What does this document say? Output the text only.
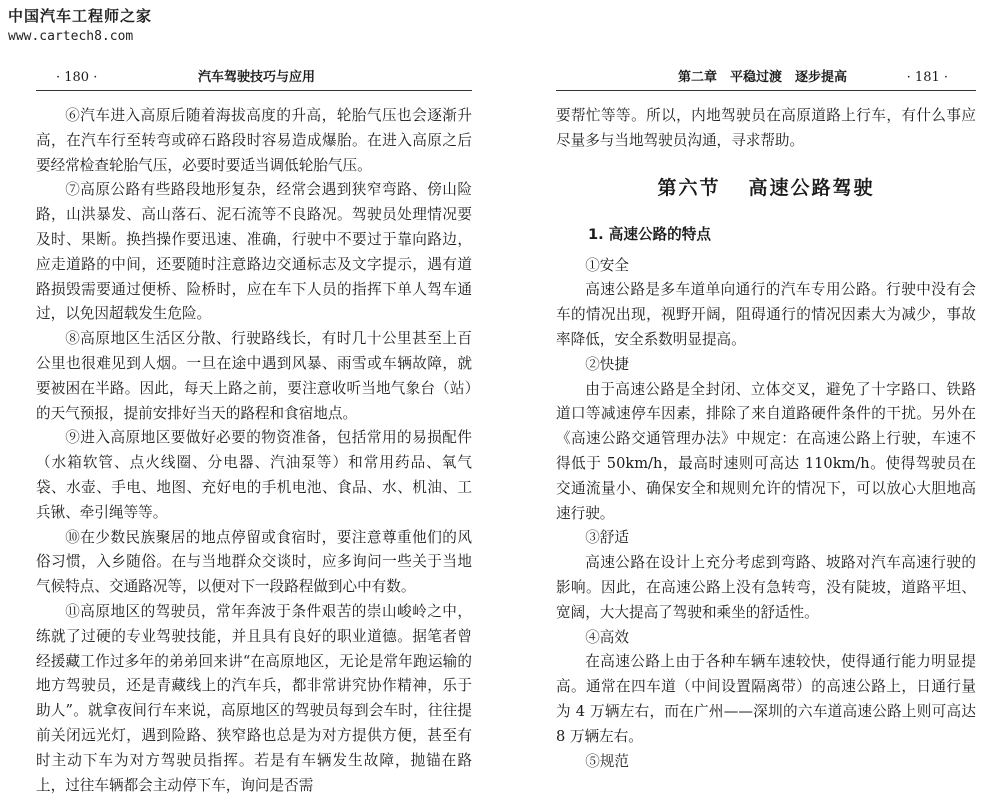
中国汽车工程师之家
www.cartech8.com
· 180 ·	汽车驾驶技巧与应用

⑥汽车进入高原后随着海拔高度的升高，轮胎气压也会逐渐升高，在汽车行至转弯或碎石路段时容易造成爆胎。在进入高原之后要经常检查轮胎气压，必要时要适当调低轮胎气压。

⑦高原公路有些路段地形复杂，经常会遇到狭窄弯路、傍山险路，山洪暴发、高山落石、泥石流等不良路况。驾驶员处理情况要及时、果断。换挡操作要迅速、准确，行驶中不要过于靠向路边，应走道路的中间，还要随时注意路边交通标志及文字提示，遇有道路损毁需要通过便桥、险桥时，应在车下人员的指挥下单人驾车通过，以免因超载发生危险。

⑧高原地区生活区分散、行驶路线长，有时几十公里甚至上百公里也很难见到人烟。一旦在途中遇到风暴、雨雪或车辆故障，就要被困在半路。因此，每天上路之前，要注意收听当地气象台（站）的天气预报，提前安排好当天的路程和食宿地点。

⑨进入高原地区要做好必要的物资准备，包括常用的易损配件（水箱软管、点火线圈、分电器、汽油泵等）和常用药品、氧气袋、水壶、手电、地图、充好电的手机电池、食品、水、机油、工兵锹、牵引绳等等。

⑩在少数民族聚居的地点停留或食宿时，要注意尊重他们的风俗习惯，入乡随俗。在与当地群众交谈时，应多询问一些关于当地气候特点、交通路况等，以便对下一段路程做到心中有数。

⑪高原地区的驾驶员，常年奔波于条件艰苦的崇山峻岭之中，练就了过硬的专业驾驶技能，并且具有良好的职业道德。据笔者曾经援藏工作过多年的弟弟回来讲“在高原地区，无论是常年跑运输的地方驾驶员，还是青藏线上的汽车兵，都非常讲究协作精神，乐于助人”。就拿夜间行车来说，高原地区的驾驶员每到会车时，往往提前关闭远光灯，遇到险路、狭窄路也总是为对方提供方便，甚至有时主动下车为对方驾驶员指挥。若是有车辆发生故障，抛锚在路上，过往车辆都会主动停下车，询问是否需

第二章　平稳过渡　逐步提高	· 181 ·

要帮忙等等。所以，内地驾驶员在高原道路上行车，有什么事应尽量多与当地驾驶员沟通，寻求帮助。

第六节 高速公路驾驶
1. 高速公路的特点

①安全

高速公路是多车道单向通行的汽车专用公路。行驶中没有会车的情况出现，视野开阔，阻碍通行的情况因素大为减少，事故率降低，安全系数明显提高。

②快捷

由于高速公路是全封闭、立体交叉，避免了十字路口、铁路道口等减速停车因素，排除了来自道路硬件条件的干扰。另外在《高速公路交通管理办法》中规定：在高速公路上行驶，车速不得低于 50km/h，最高时速则可高达 110km/h。使得驾驶员在交通流量小、确保安全和规则允许的情况下，可以放心大胆地高速行驶。

③舒适

高速公路在设计上充分考虑到弯路、坡路对汽车高速行驶的影响。因此，在高速公路上没有急转弯，没有陡坡，道路平坦、宽阔，大大提高了驾驶和乘坐的舒适性。

④高效

在高速公路上由于各种车辆车速较快，使得通行能力明显提高。通常在四车道（中间设置隔离带）的高速公路上，日通行量为 4 万辆左右，而在广州——深圳的六车道高速公路上则可高达 8 万辆左右。

⑤规范
